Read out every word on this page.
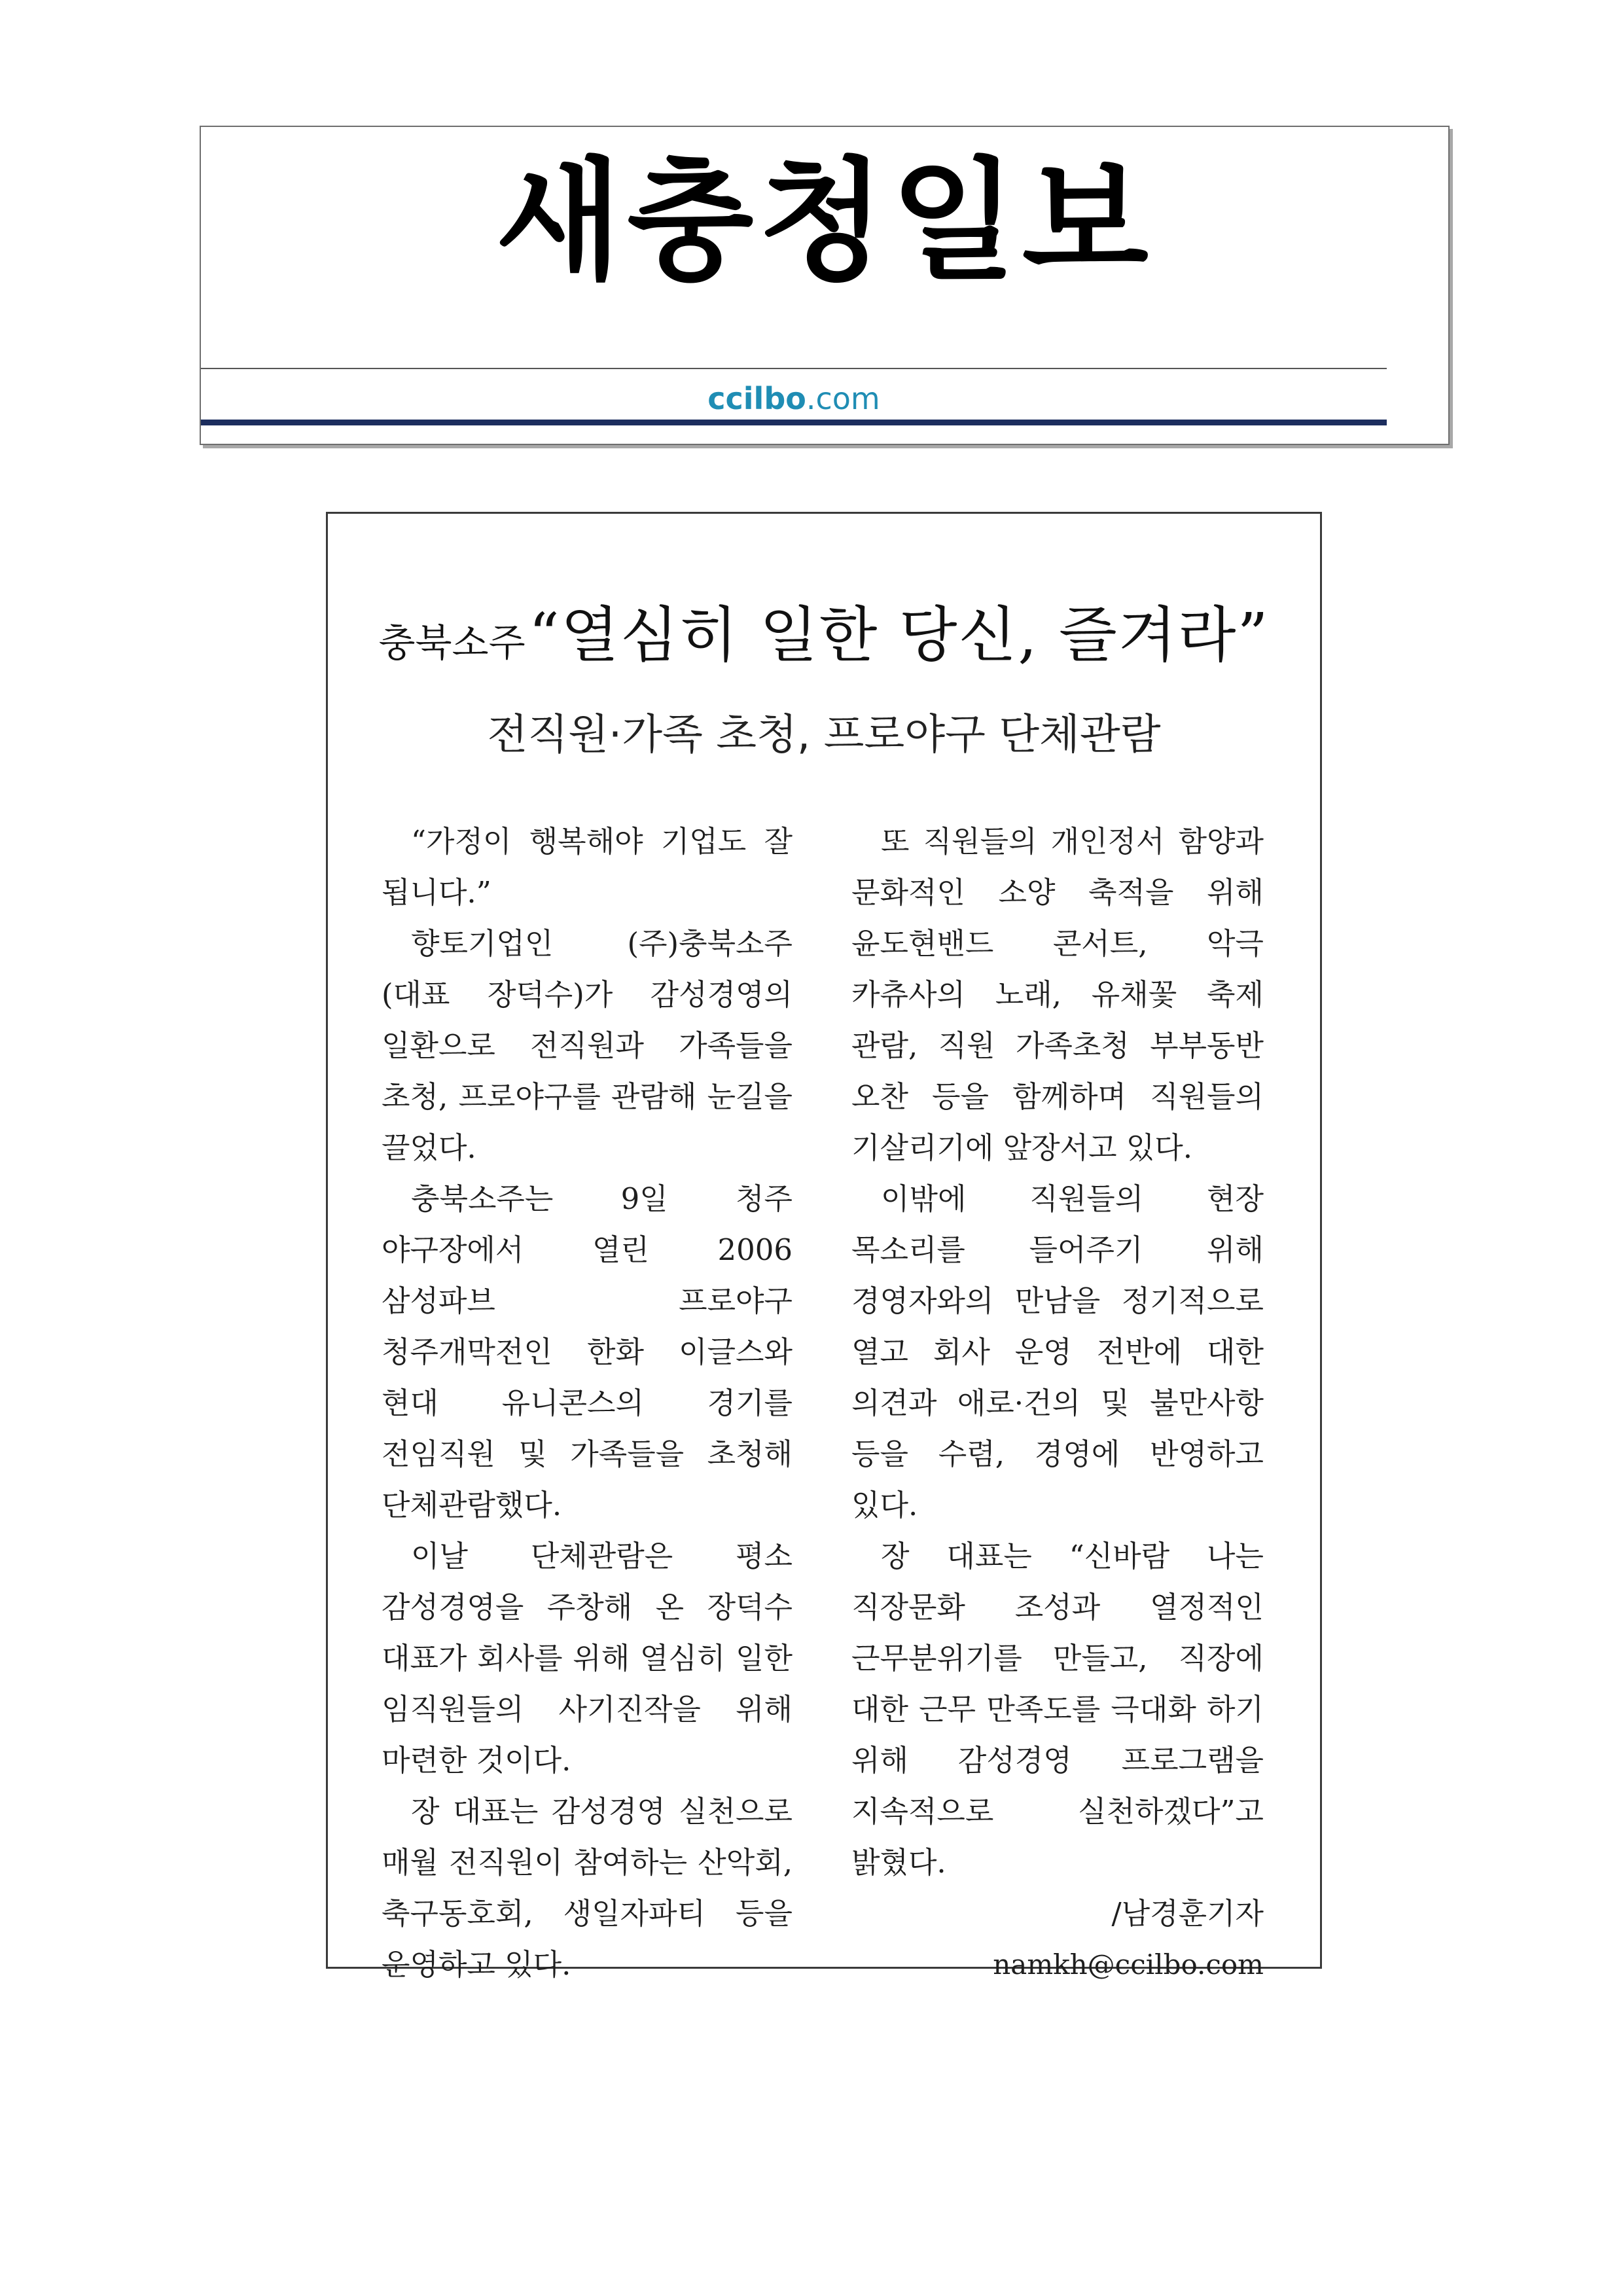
새충청일보
ccilbo.com
충북소주 “열심히 일한 당신, 즐겨라”
전직원·가족 초청, 프로야구 단체관람

“가정이 행복해야 기업도 잘 됩니다.”

향토기업인 (주)충북소주(대표 장덕수)가 감성경영의 일환으로 전직원과 가족들을 초청, 프로야구를 관람해 눈길을 끌었다.

충북소주는 9일 청주 야구장에서 열린 2006 삼성파브 프로야구 청주개막전인 한화 이글스와 현대 유니콘스의 경기를 전임직원 및 가족들을 초청해 단체관람했다.

이날 단체관람은 평소 감성경영을 주창해 온 장덕수 대표가 회사를 위해 열심히 일한 임직원들의 사기진작을 위해 마련한 것이다.

장 대표는 감성경영 실천으로 매월 전직원이 참여하는 산악회, 축구동호회, 생일자파티 등을 운영하고 있다.

또 직원들의 개인정서 함양과 문화적인 소양 축적을 위해 윤도현밴드 콘서트, 악극 카츄사의 노래, 유채꽃 축제 관람, 직원 가족초청 부부동반 오찬 등을 함께하며 직원들의 기살리기에 앞장서고 있다.

이밖에 직원들의 현장 목소리를 들어주기 위해 경영자와의 만남을 정기적으로 열고 회사 운영 전반에 대한 의견과 애로·건의 및 불만사항 등을 수렴, 경영에 반영하고 있다.

장 대표는 “신바람 나는 직장문화 조성과 열정적인 근무분위기를 만들고, 직장에 대한 근무 만족도를 극대화 하기 위해 감성경영 프로그램을 지속적으로 실천하겠다”고 밝혔다.

/남경훈기자

namkh@ccilbo.com
